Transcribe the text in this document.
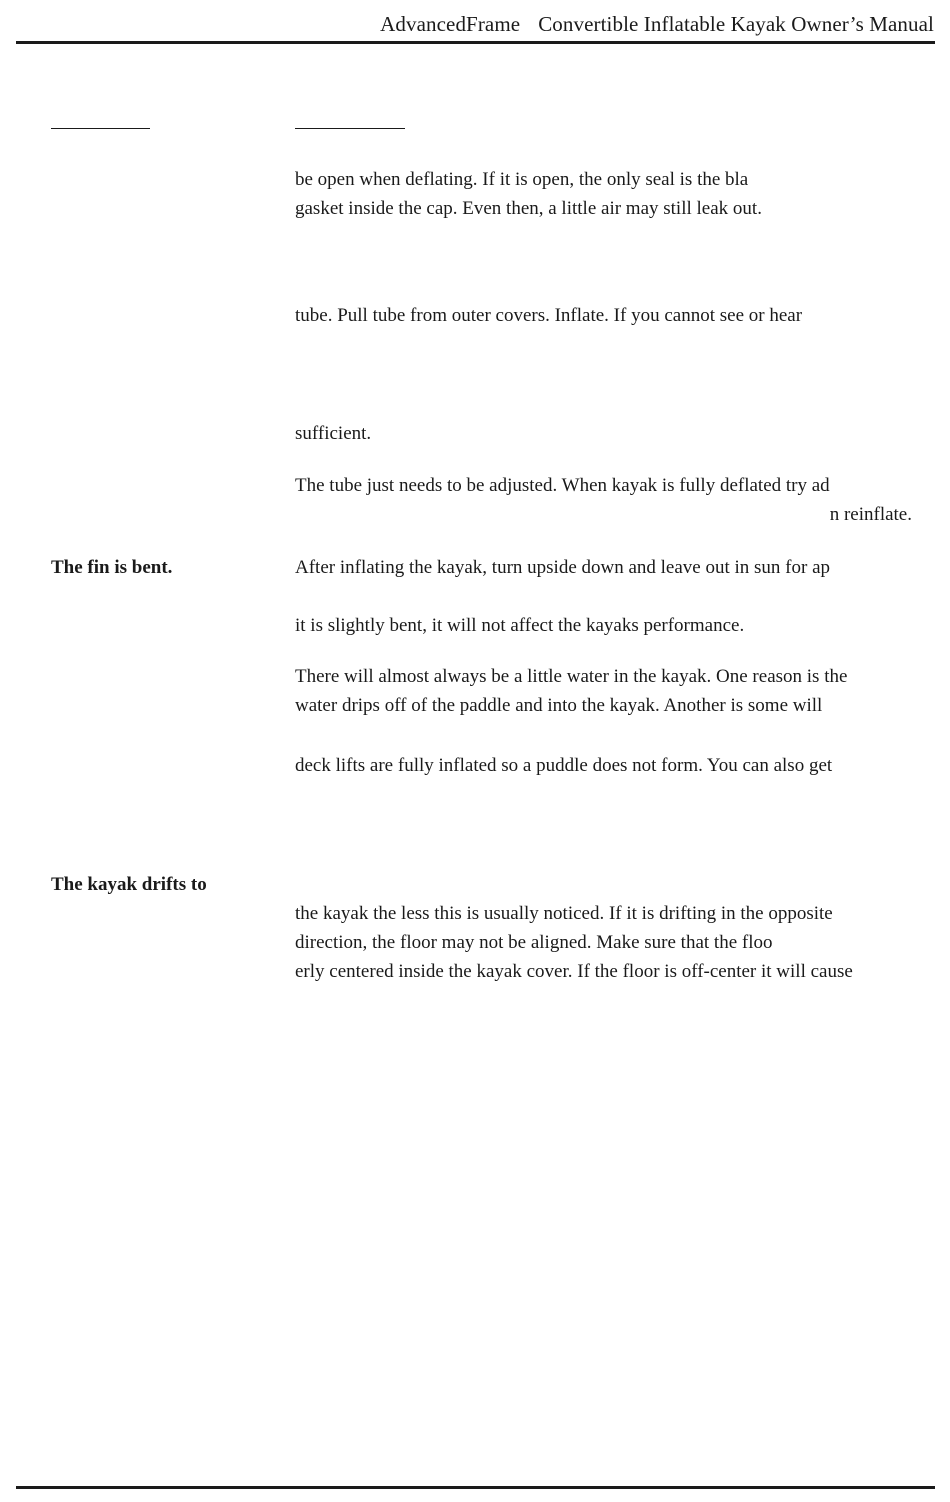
AdvancedFrame Convertible Inflatable Kayak Owner’s Manual
be open when deflating. If it is open, the only seal is the bla
gasket inside the cap. Even then, a little air may still leak out.
tube. Pull tube from outer covers. Inflate. If you cannot see or hear
sufficient.
The tube just needs to be adjusted. When kayak is fully deflated try ad
n reinflate.
The fin is bent.	After inflating the kayak, turn upside down and leave out in sun for ap
it is slightly bent, it will not affect the kayaks performance.
There will almost always be a little water in the kayak. One reason is the
water drips off of the paddle and into the kayak. Another is some will
deck lifts are fully inflated so a puddle does not form. You can also get
The kayak drifts to
the kayak the less this is usually noticed. If it is drifting in the opposite
direction, the floor may not be aligned. Make sure that the floo
erly centered inside the kayak cover. If the floor is off-center it will cause
